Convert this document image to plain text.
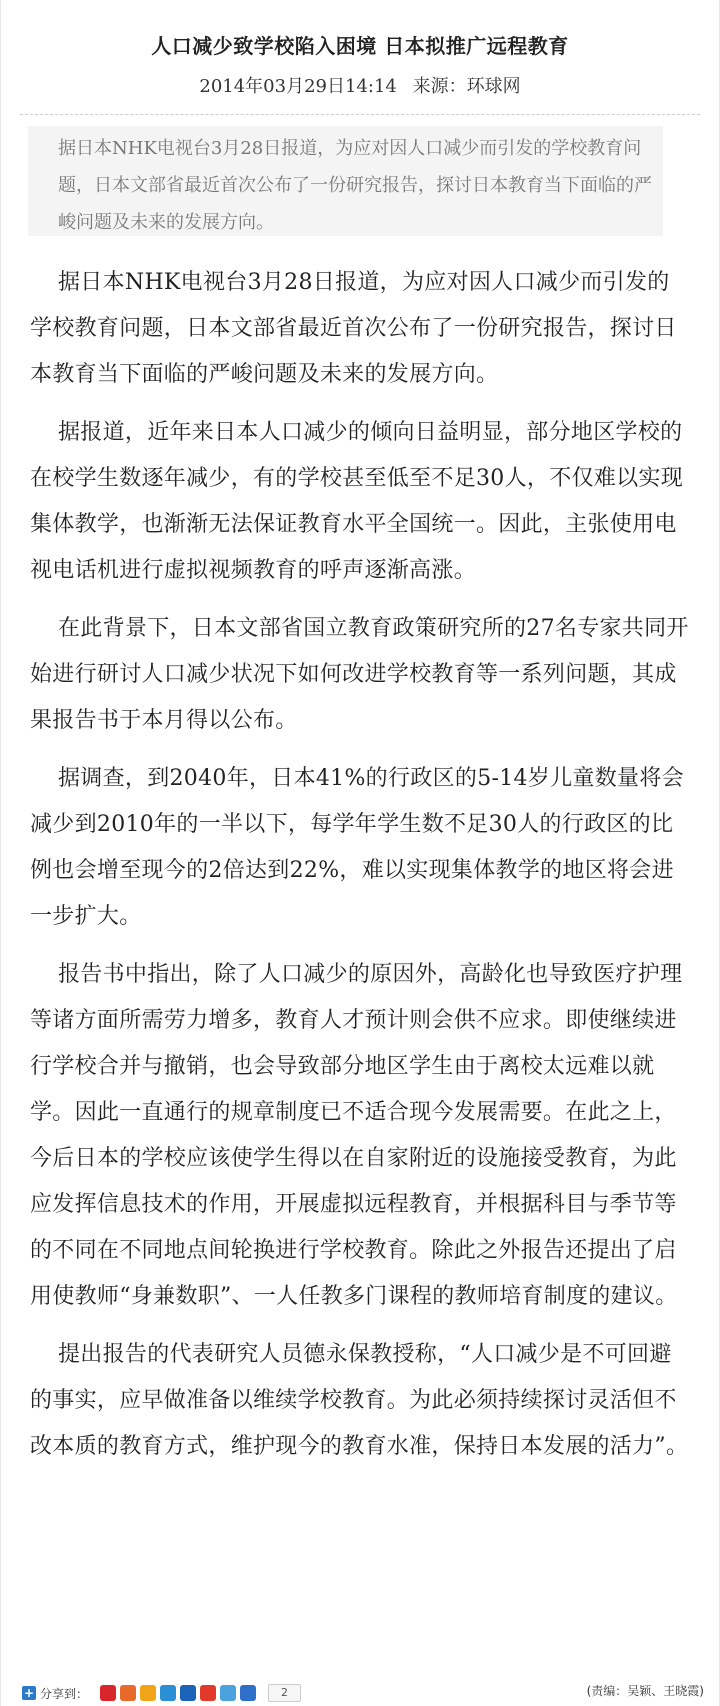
人口减少致学校陷入困境 日本拟推广远程教育
2014年03月29日14:14 来源：环球网

据日本NHK电视台3月28日报道，为应对因人口减少而引发的学校教育问题，日本文部省最近首次公布了一份研究报告，探讨日本教育当下面临的严峻问题及未来的发展方向。

据日本NHK电视台3月28日报道，为应对因人口减少而引发的学校教育问题，日本文部省最近首次公布了一份研究报告，探讨日本教育当下面临的严峻问题及未来的发展方向。

据报道，近年来日本人口减少的倾向日益明显，部分地区学校的在校学生数逐年减少，有的学校甚至低至不足30人，不仅难以实现集体教学，也渐渐无法保证教育水平全国统一。因此，主张使用电视电话机进行虚拟视频教育的呼声逐渐高涨。

在此背景下，日本文部省国立教育政策研究所的27名专家共同开始进行研讨人口减少状况下如何改进学校教育等一系列问题，其成果报告书于本月得以公布。

据调查，到2040年，日本41%的行政区的5-14岁儿童数量将会减少到2010年的一半以下，每学年学生数不足30人的行政区的比例也会增至现今的2倍达到22%，难以实现集体教学的地区将会进一步扩大。

报告书中指出，除了人口减少的原因外，高龄化也导致医疗护理等诸方面所需劳力增多，教育人才预计则会供不应求。即使继续进行学校合并与撤销，也会导致部分地区学生由于离校太远难以就学。因此一直通行的规章制度已不适合现今发展需要。在此之上，今后日本的学校应该使学生得以在自家附近的设施接受教育，为此应发挥信息技术的作用，开展虚拟远程教育，并根据科目与季节等的不同在不同地点间轮换进行学校教育。除此之外报告还提出了启用使教师“身兼数职”、一人任教多门课程的教师培育制度的建议。

提出报告的代表研究人员德永保教授称，“人口减少是不可回避的事实，应早做准备以维续学校教育。为此必须持续探讨灵活但不改本质的教育方式，维护现今的教育水准，保持日本发展的活力”。

+ 分享到：	2	(责编：吴颖、王晓霞)
